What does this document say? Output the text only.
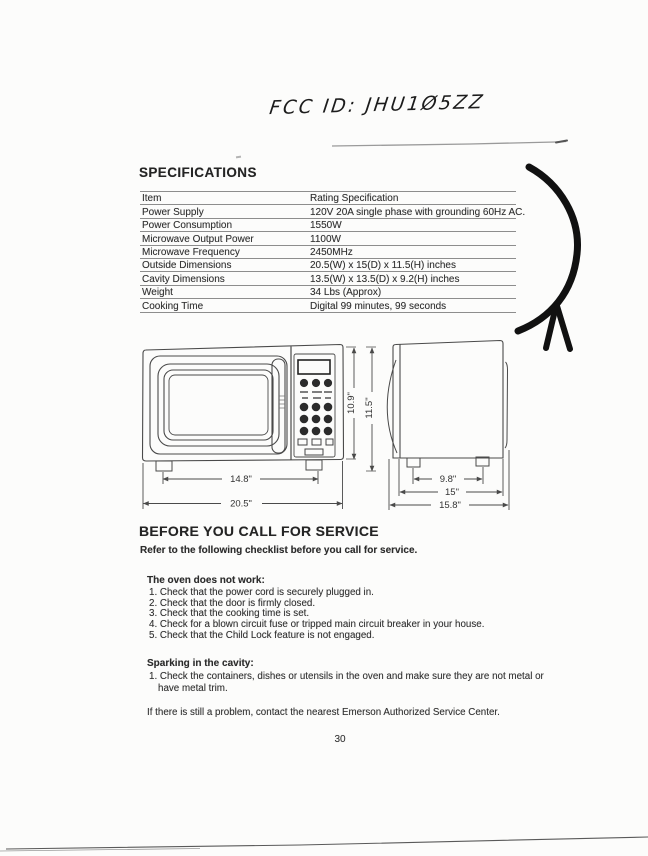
FCC ID: JHU1Ø5ZZ
SPECIFICATIONS
Item	Rating Specification
Power Supply	120V 20A single phase with grounding 60Hz AC.
Power Consumption	1550W
Microwave Output Power	1100W
Microwave Frequency	2450MHz
Outside Dimensions	20.5(W) x 15(D) x 11.5(H) inches
Cavity Dimensions	13.5(W) x 13.5(D) x 9.2(H) inches
Weight	34 Lbs (Approx)
Cooking Time	Digital 99 minutes, 99 seconds
14.8"
20.5"
10.9" 11.5"
9.8"
15"
15.8"
BEFORE YOU CALL FOR SERVICE
Refer to the following checklist before you call for service.
The oven does not work:
1. Check that the power cord is securely plugged in.
2. Check that the door is firmly closed.
3. Check that the cooking time is set.
4. Check for a blown circuit fuse or tripped main circuit breaker in your house.
5. Check that the Child Lock feature is not engaged.
Sparking in the cavity:
1. Check the containers, dishes or utensils in the oven and make sure they are not metal or have metal trim.
If there is still a problem, contact the nearest Emerson Authorized Service Center.
30
